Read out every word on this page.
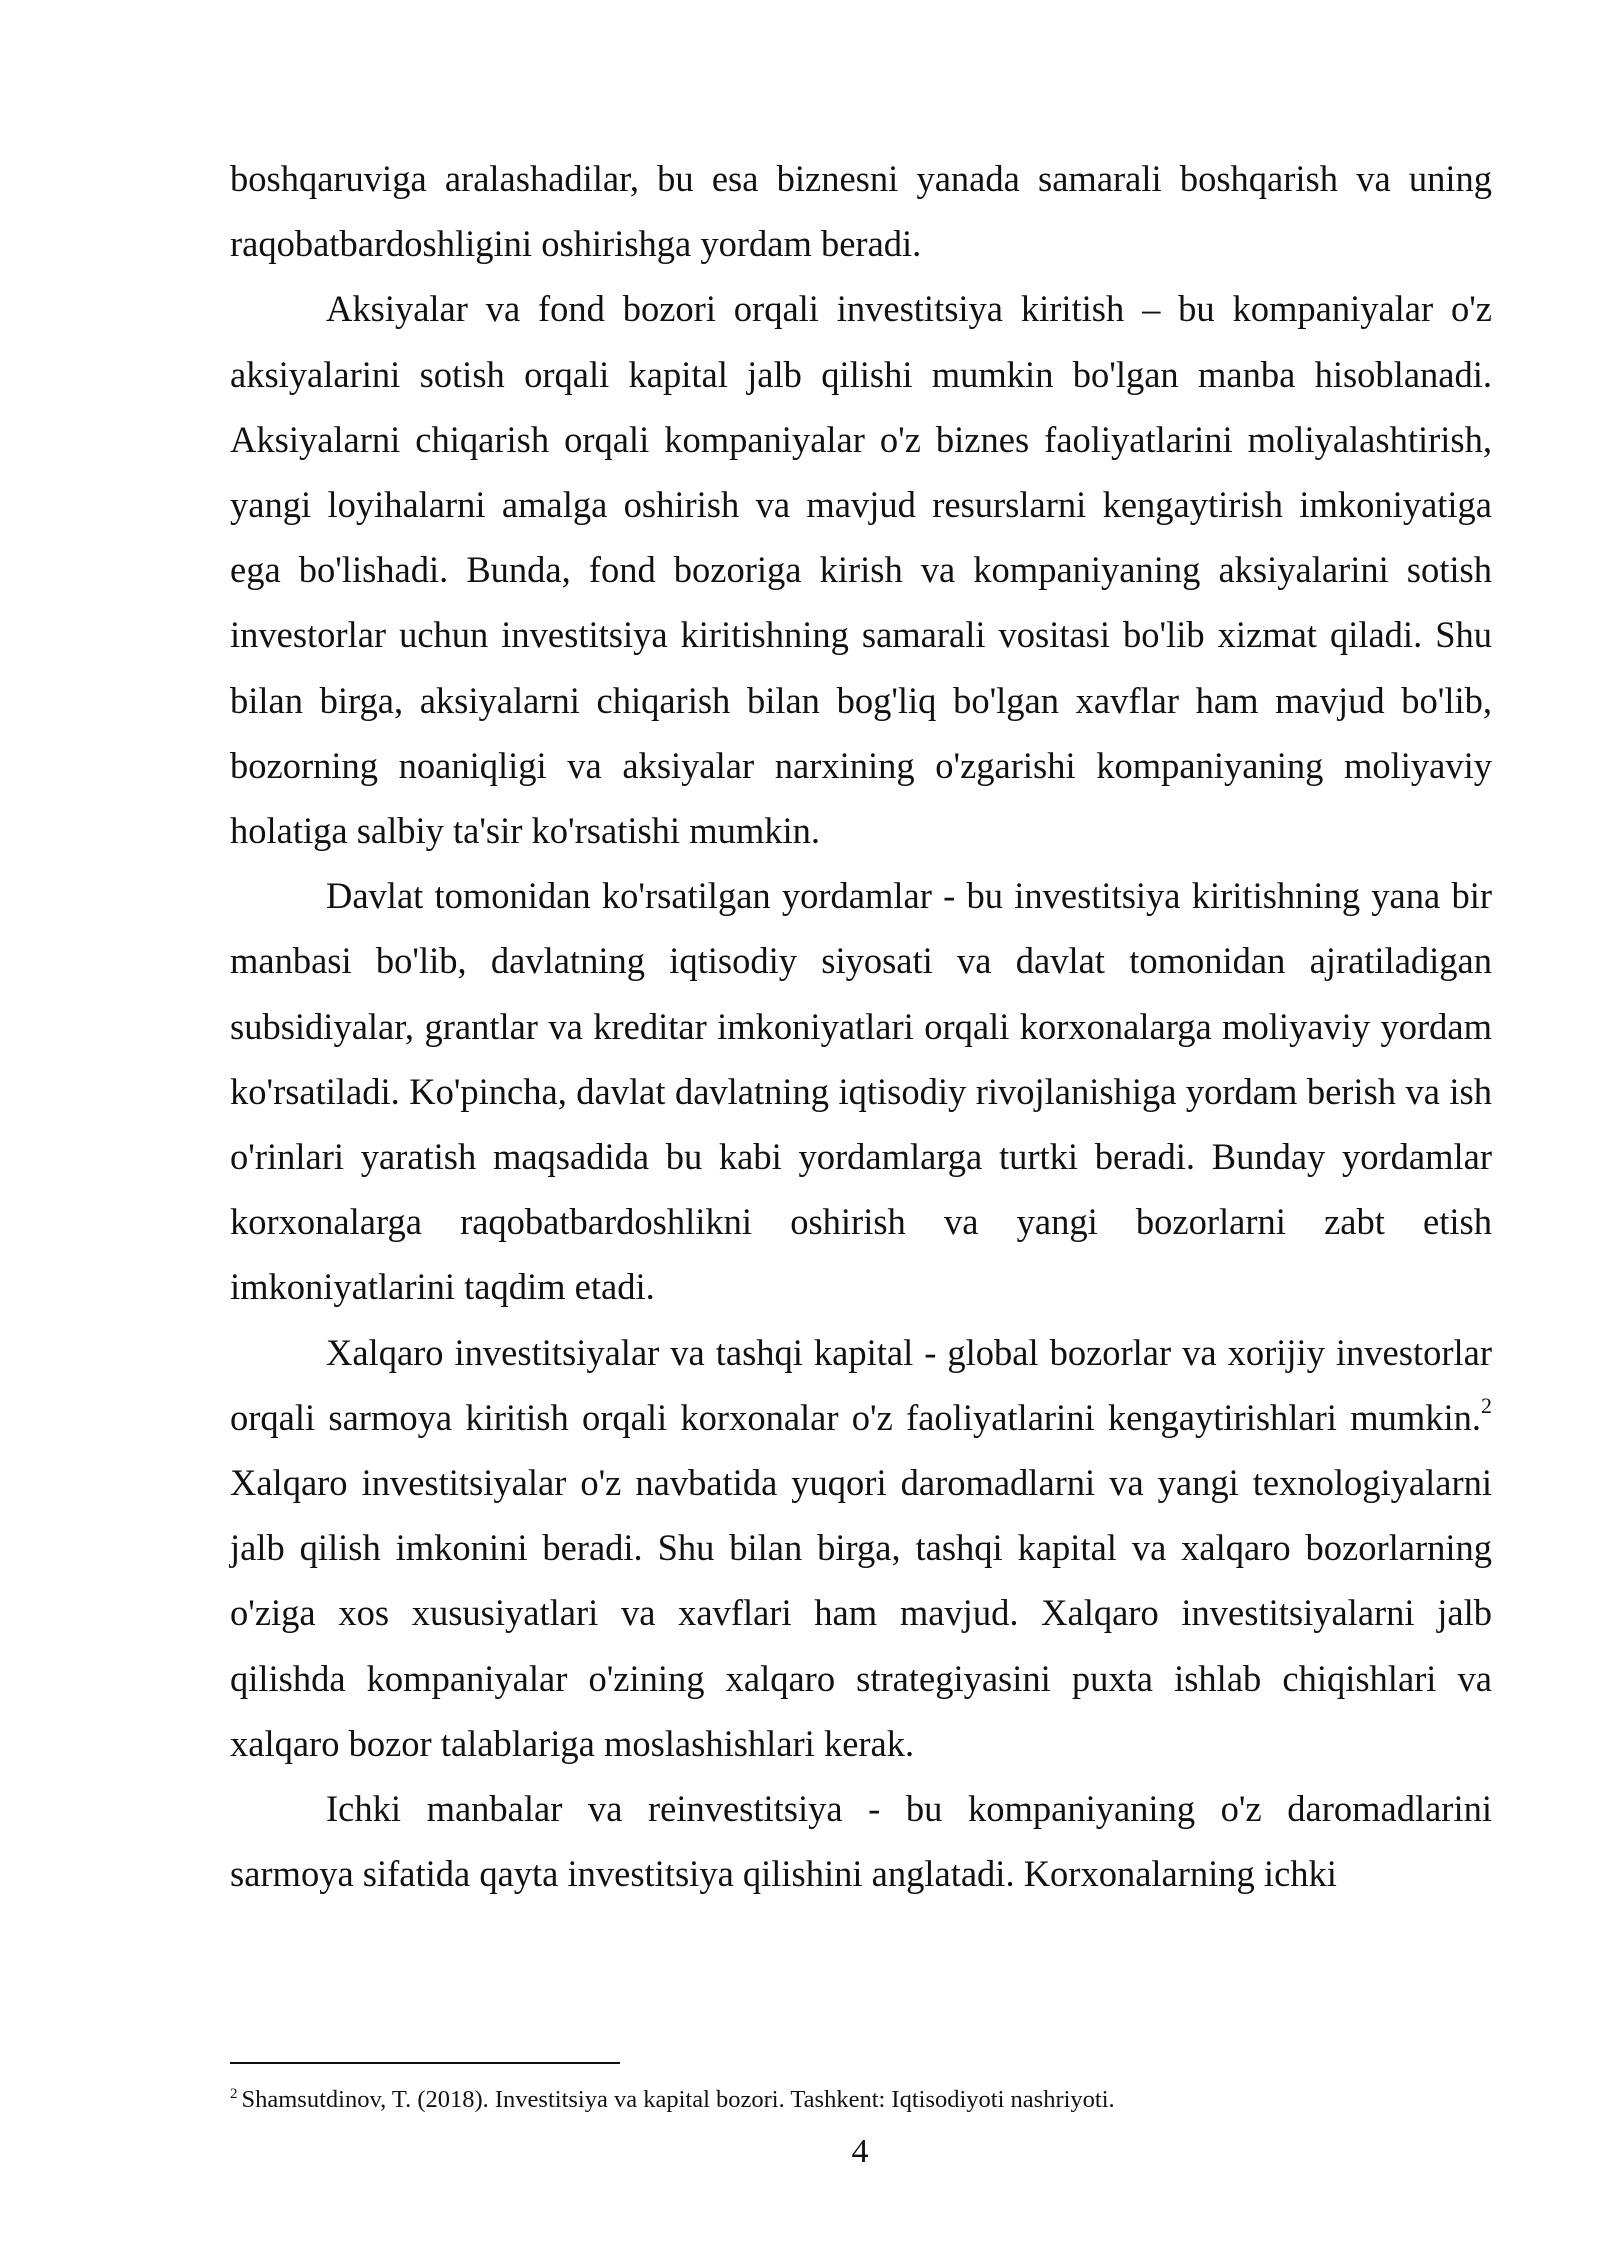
boshqaruviga aralashadilar, bu esa biznesni yanada samarali boshqarish va uning raqobatbardoshligini oshirishga yordam beradi.

Aksiyalar va fond bozori orqali investitsiya kiritish – bu kompaniyalar o'z aksiyalarini sotish orqali kapital jalb qilishi mumkin bo'lgan manba hisoblanadi. Aksiyalarni chiqarish orqali kompaniyalar o'z biznes faoliyatlarini moliyalashtirish, yangi loyihalarni amalga oshirish va mavjud resurslarni kengaytirish imkoniyatiga ega bo'lishadi. Bunda, fond bozoriga kirish va kompaniyaning aksiyalarini sotish investorlar uchun investitsiya kiritishning samarali vositasi bo'lib xizmat qiladi. Shu bilan birga, aksiyalarni chiqarish bilan bog'liq bo'lgan xavflar ham mavjud bo'lib, bozorning noaniqligi va aksiyalar narxining o'zgarishi kompaniyaning moliyaviy holatiga salbiy ta'sir ko'rsatishi mumkin.

Davlat tomonidan ko'rsatilgan yordamlar - bu investitsiya kiritishning yana bir manbasi bo'lib, davlatning iqtisodiy siyosati va davlat tomonidan ajratiladigan subsidiyalar, grantlar va kreditar imkoniyatlari orqali korxonalarga moliyaviy yordam ko'rsatiladi. Ko'pincha, davlat davlatning iqtisodiy rivojlanishiga yordam berish va ish o'rinlari yaratish maqsadida bu kabi yordamlarga turtki beradi. Bunday yordamlar korxonalarga raqobatbardoshlikni oshirish va yangi bozorlarni zabt etish imkoniyatlarini taqdim etadi.

Xalqaro investitsiyalar va tashqi kapital - global bozorlar va xorijiy investorlar orqali sarmoya kiritish orqali korxonalar o'z faoliyatlarini kengaytirishlari mumkin.$^2$ Xalqaro investitsiyalar o'z navbatida yuqori daromadlarni va yangi texnologiyalarni jalb qilish imkonini beradi. Shu bilan birga, tashqi kapital va xalqaro bozorlarning o'ziga xos xususiyatlari va xavflari ham mavjud. Xalqaro investitsiyalarni jalb qilishda kompaniyalar o'zining xalqaro strategiyasini puxta ishlab chiqishlari va xalqaro bozor talablariga moslashishlari kerak.

Ichki manbalar va reinvestitsiya - bu kompaniyaning o'z daromadlarini sarmoya sifatida qayta investitsiya qilishini anglatadi. Korxonalarning ichki

$^2$ Shamsutdinov, T. (2018). Investitsiya va kapital bozori. Tashkent: Iqtisodiyoti nashriyoti.
4
